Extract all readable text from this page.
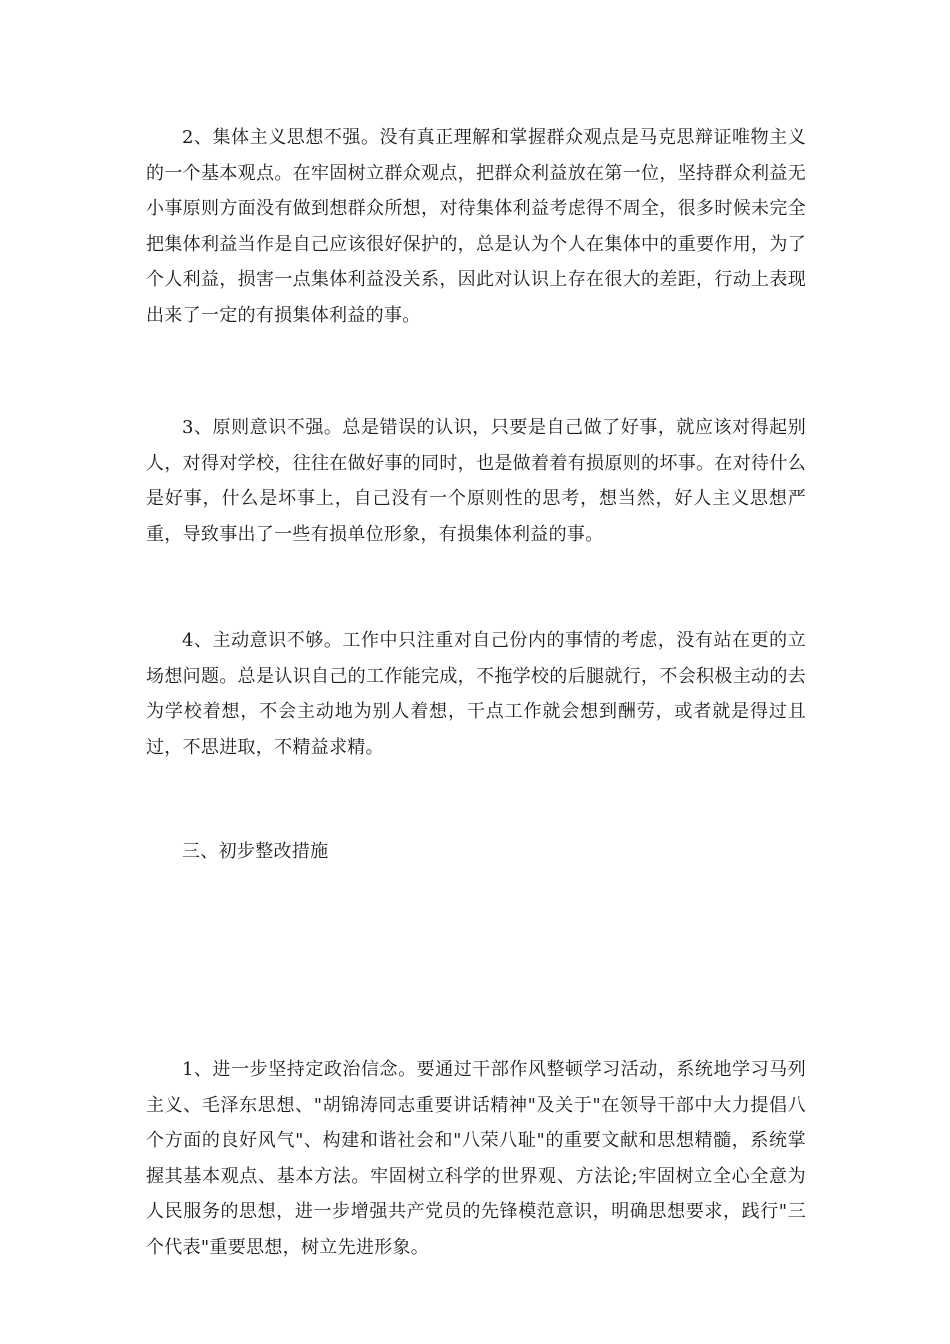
2、集体主义思想不强。没有真正理解和掌握群众观点是马克思辩证唯物主义的一个基本观点。在牢固树立群众观点，把群众利益放在第一位，坚持群众利益无小事原则方面没有做到想群众所想，对待集体利益考虑得不周全，很多时候未完全把集体利益当作是自己应该很好保护的，总是认为个人在集体中的重要作用，为了个人利益，损害一点集体利益没关系，因此对认识上存在很大的差距，行动上表现出来了一定的有损集体利益的事。

3、原则意识不强。总是错误的认识，只要是自己做了好事，就应该对得起别人，对得对学校，往往在做好事的同时，也是做着着有损原则的坏事。在对待什么是好事，什么是坏事上，自己没有一个原则性的思考，想当然，好人主义思想严重，导致事出了一些有损单位形象，有损集体利益的事。

4、主动意识不够。工作中只注重对自己份内的事情的考虑，没有站在更的立场想问题。总是认识自己的工作能完成，不拖学校的后腿就行，不会积极主动的去为学校着想，不会主动地为别人着想，干点工作就会想到酬劳，或者就是得过且过，不思进取，不精益求精。

三、初步整改措施

1、进一步坚持定政治信念。要通过干部作风整顿学习活动，系统地学习马列主义、毛泽东思想、"胡锦涛同志重要讲话精神"及关于"在领导干部中大力提倡八个方面的良好风气"、构建和谐社会和"八荣八耻"的重要文献和思想精髓，系统掌握其基本观点、基本方法。牢固树立科学的世界观、方法论;牢固树立全心全意为人民服务的思想，进一步增强共产党员的先锋模范意识，明确思想要求，践行"三个代表"重要思想，树立先进形象。
